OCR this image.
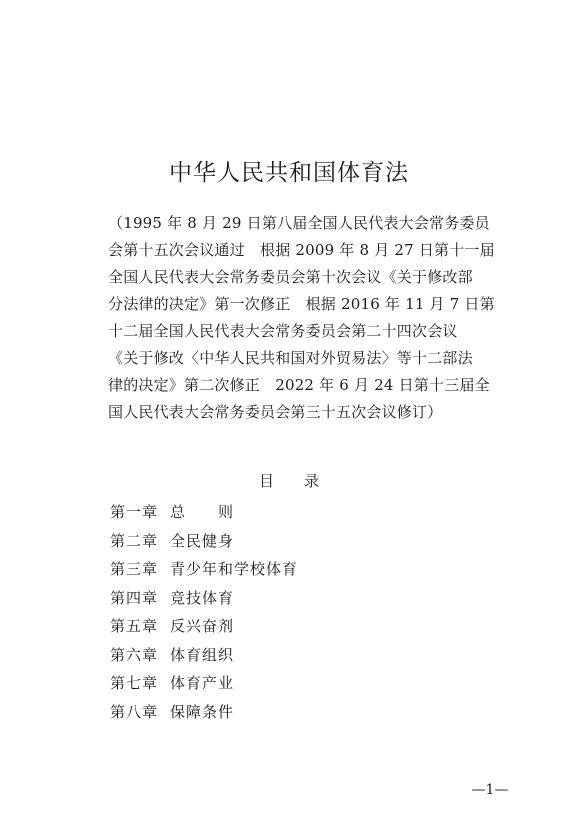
中华人民共和国体育法
（1995 年 8 月 29 日第八届全国人民代表大会常务委员
会第十五次会议通过　根据 2009 年 8 月 27 日第十一届
全国人民代表大会常务委员会第十次会议《关于修改部
分法律的决定》第一次修正　根据 2016 年 11 月 7 日第
十二届全国人民代表大会常务委员会第二十四次会议
《关于修改〈中华人民共和国对外贸易法〉等十二部法
律的决定》第二次修正　2022 年 6 月 24 日第十三届全
国人民代表大会常务委员会第三十五次会议修订）
目　　录
第一章 总　　则
第二章 全民健身
第三章 青少年和学校体育
第四章 竞技体育
第五章 反兴奋剂
第六章 体育组织
第七章 体育产业
第八章 保障条件
—1—
